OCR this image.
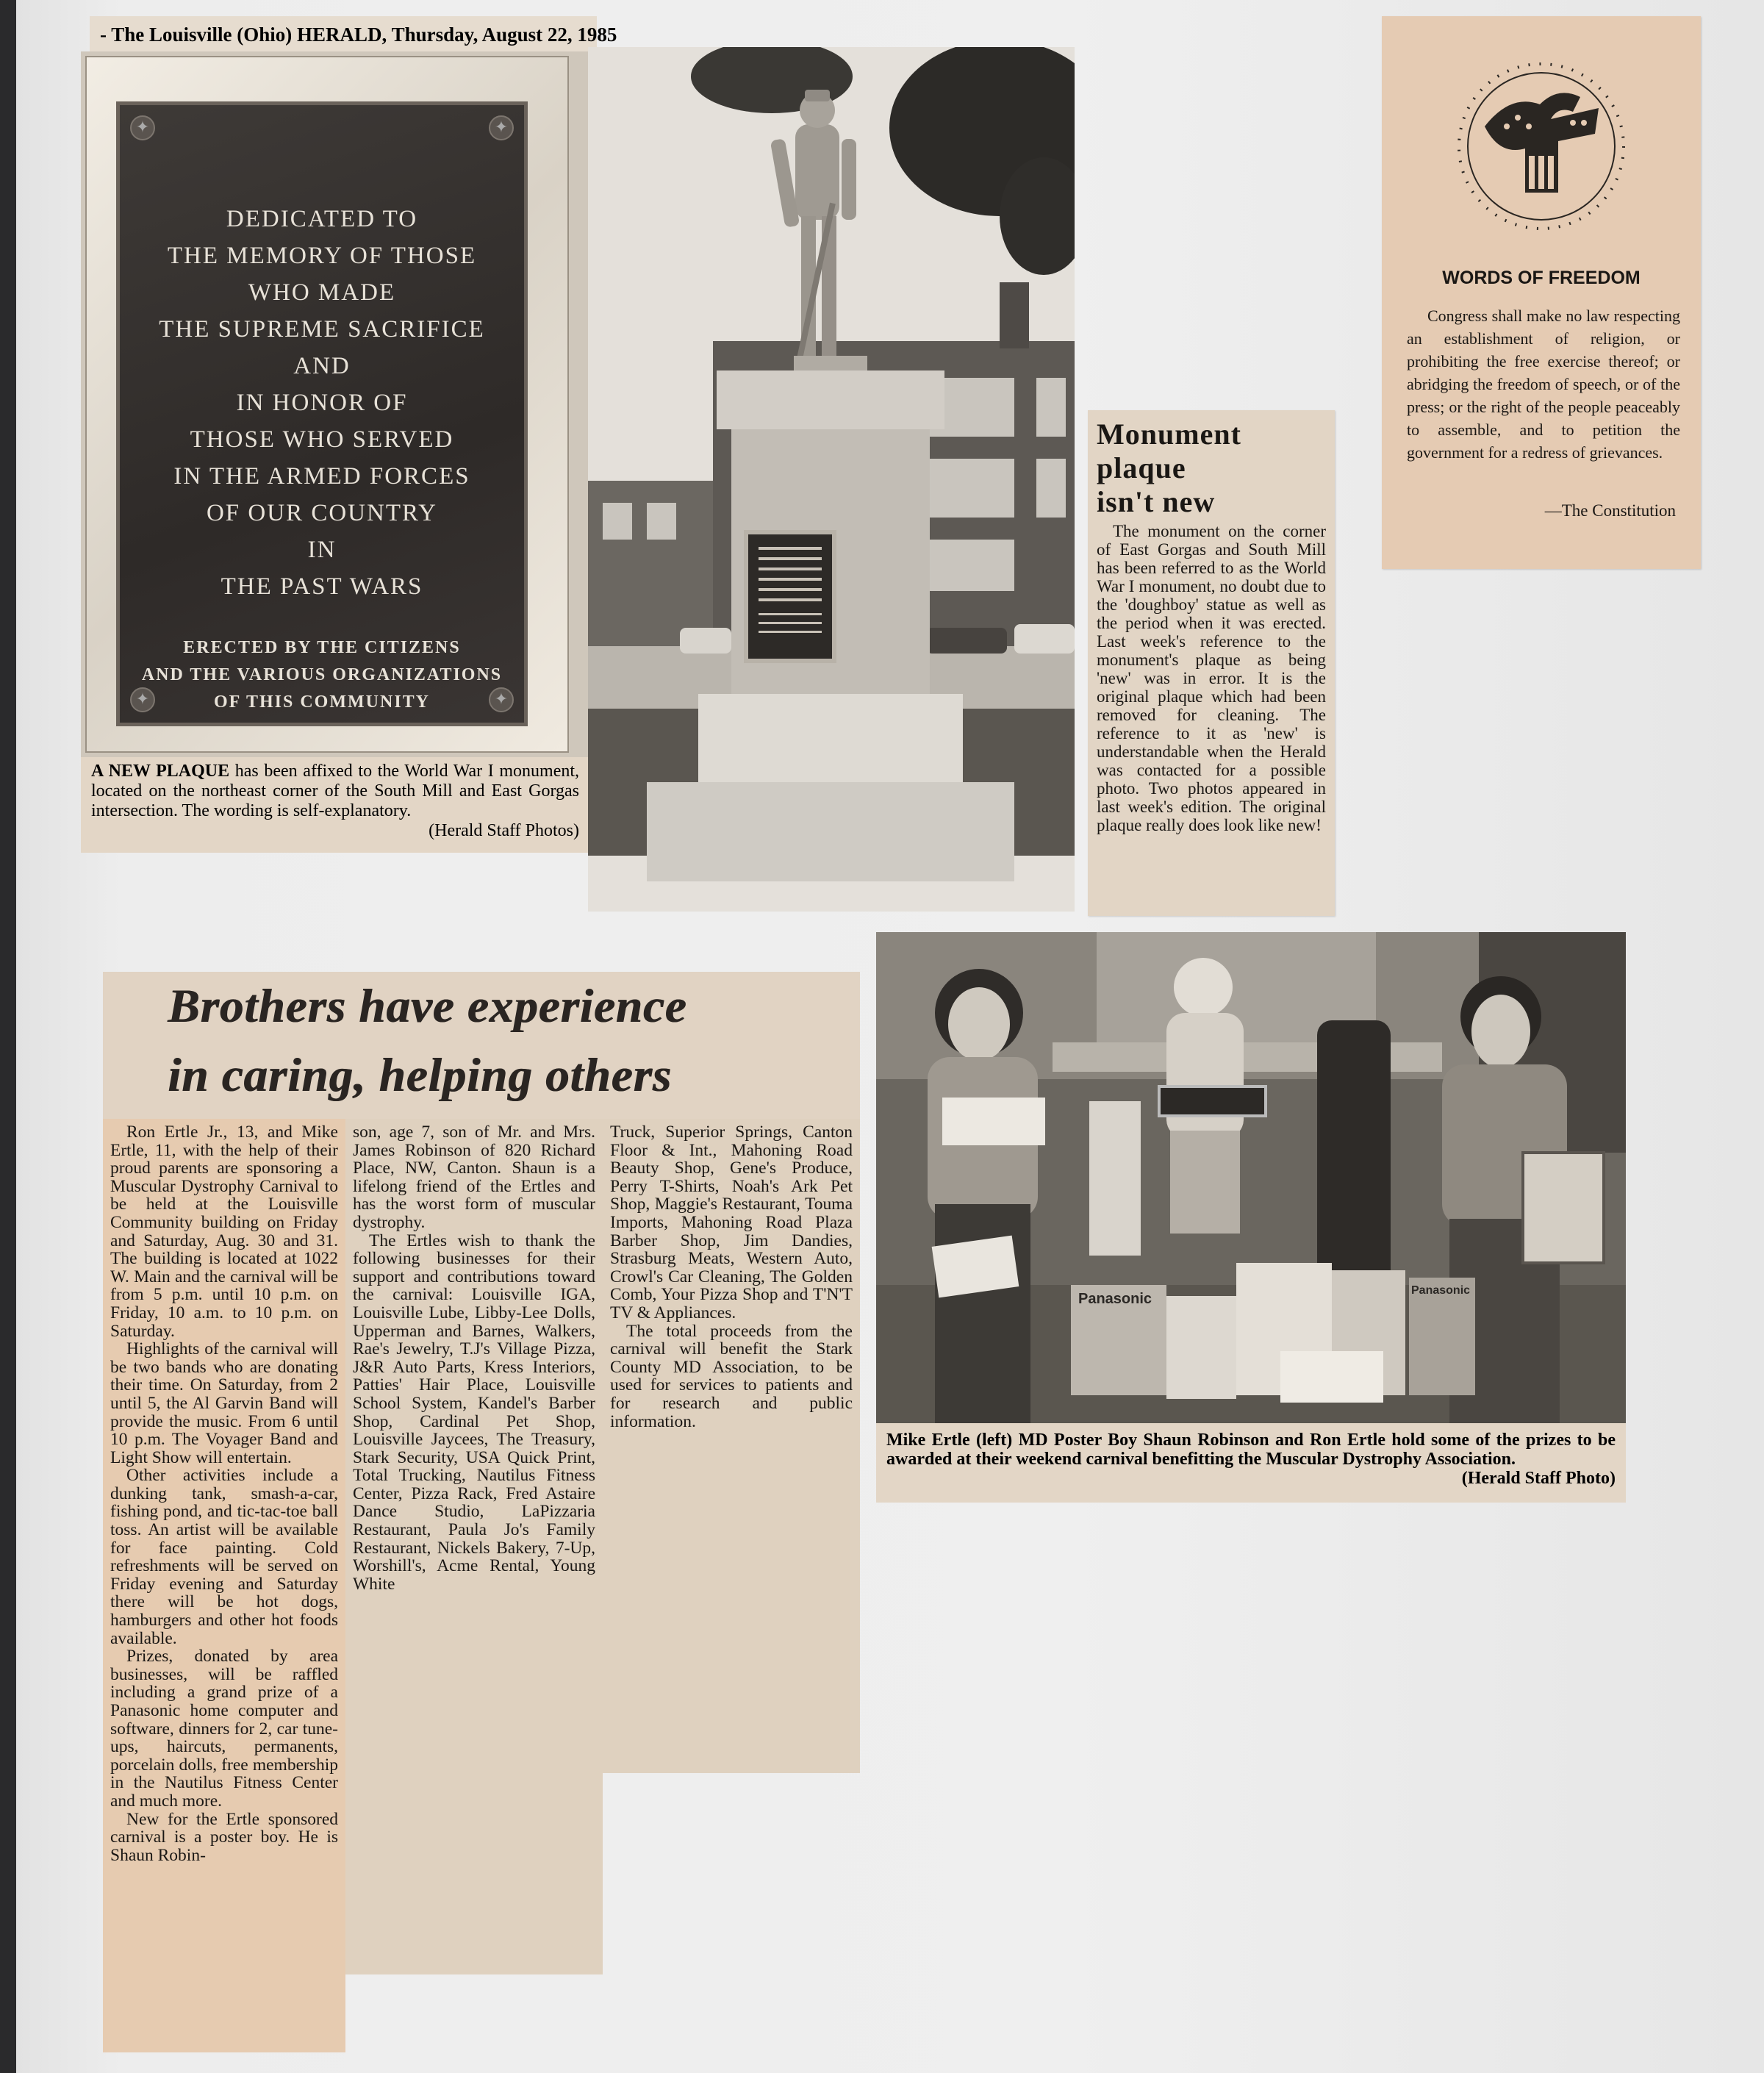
- The Louisville (Ohio) HERALD, Thursday, August 22, 1985
✦	✦
✦	✦
DEDICATED TO
THE MEMORY OF THOSE
WHO MADE
THE SUPREME SACRIFICE
AND
IN HONOR OF
THOSE WHO SERVED
IN THE ARMED FORCES
OF OUR COUNTRY
IN
THE PAST WARS
ERECTED BY THE CITIZENS
AND THE VARIOUS ORGANIZATIONS
OF THIS COMMUNITY
A NEW PLAQUE has been affixed to the World War I monument, located on the northeast corner of the South Mill and East Gorgas intersection. The wording is self-explanatory.
(Herald Staff Photos)
Monument
plaque
isn't new

The monument on the corner of East Gorgas and South Mill has been referred to as the World War I monument, no doubt due to the 'doughboy' statue as well as the period when it was erected. Last week's reference to the monument's plaque as being 'new' was in error. It is the original plaque which had been removed for cleaning. The reference to it as 'new' is understandable when the Herald was contacted for a possible photo. Two photos appeared in last week's edition. The original plaque really does look like new!

WORDS OF FREEDOM
Congress shall make no law respecting an establishment of religion, or prohibiting the free exercise thereof; or abridging the freedom of speech, or of the press; or the right of the people peaceably to assemble, and to petition the government for a redress of grievances.
—The Constitution
Brothers have experience
in caring, helping others

Ron Ertle Jr., 13, and Mike Ertle, 11, with the help of their proud parents are sponsoring a Muscular Dystrophy Carnival to be held at the Louisville Community building on Friday and Saturday, Aug. 30 and 31. The building is located at 1022 W. Main and the carnival will be from 5 p.m. until 10 p.m. on Friday, 10 a.m. to 10 p.m. on Saturday.

Highlights of the carnival will be two bands who are donating their time. On Saturday, from 2 until 5, the Al Garvin Band will provide the music. From 6 until 10 p.m. The Voyager Band and Light Show will entertain.

Other activities include a dunking tank, smash-a-car, fishing pond, and tic-tac-toe ball toss. An artist will be available for face painting. Cold refreshments will be served on Friday evening and Saturday there will be hot dogs, hamburgers and other hot foods available.

Prizes, donated by area businesses, will be raffled including a grand prize of a Panasonic home computer and software, dinners for 2, car tune-ups, haircuts, permanents, porcelain dolls, free membership in the Nautilus Fitness Center and much more.

New for the Ertle sponsored carnival is a poster boy. He is Shaun Robin-

son, age 7, son of Mr. and Mrs. James Robinson of 820 Richard Place, NW, Canton. Shaun is a lifelong friend of the Ertles and has the worst form of muscular dystrophy.

The Ertles wish to thank the following businesses for their support and contributions toward the carnival: Louisville IGA, Louisville Lube, Libby-Lee Dolls, Upperman and Barnes, Walkers, Rae's Jewelry, T.J's Village Pizza, J&R Auto Parts, Kress Interiors, Patties' Hair Place, Louisville School System, Kandel's Barber Shop, Cardinal Pet Shop, Louisville Jaycees, The Treasury, Stark Security, USA Quick Print, Total Trucking, Nautilus Fitness Center, Pizza Rack, Fred Astaire Dance Studio, LaPizzaria Restaurant, Paula Jo's Family Restaurant, Nickels Bakery, 7-Up, Worshill's, Acme Rental, Young White

Truck, Superior Springs, Canton Floor & Int., Mahoning Road Beauty Shop, Gene's Produce, Perry T-Shirts, Noah's Ark Pet Shop, Maggie's Restaurant, Touma Imports, Mahoning Road Plaza Barber Shop, Jim Dandies, Strasburg Meats, Western Auto, Crowl's Car Cleaning, The Golden Comb, Your Pizza Shop and T'N'T TV & Appliances.

The total proceeds from the carnival will benefit the Stark County MD Association, to be used for services to patients and for research and public information.

Panasonic
Panasonic
Mike Ertle (left) MD Poster Boy Shaun Robinson and Ron Ertle hold some of the prizes to be awarded at their weekend carnival benefitting the Muscular Dystrophy Association.
(Herald Staff Photo)
